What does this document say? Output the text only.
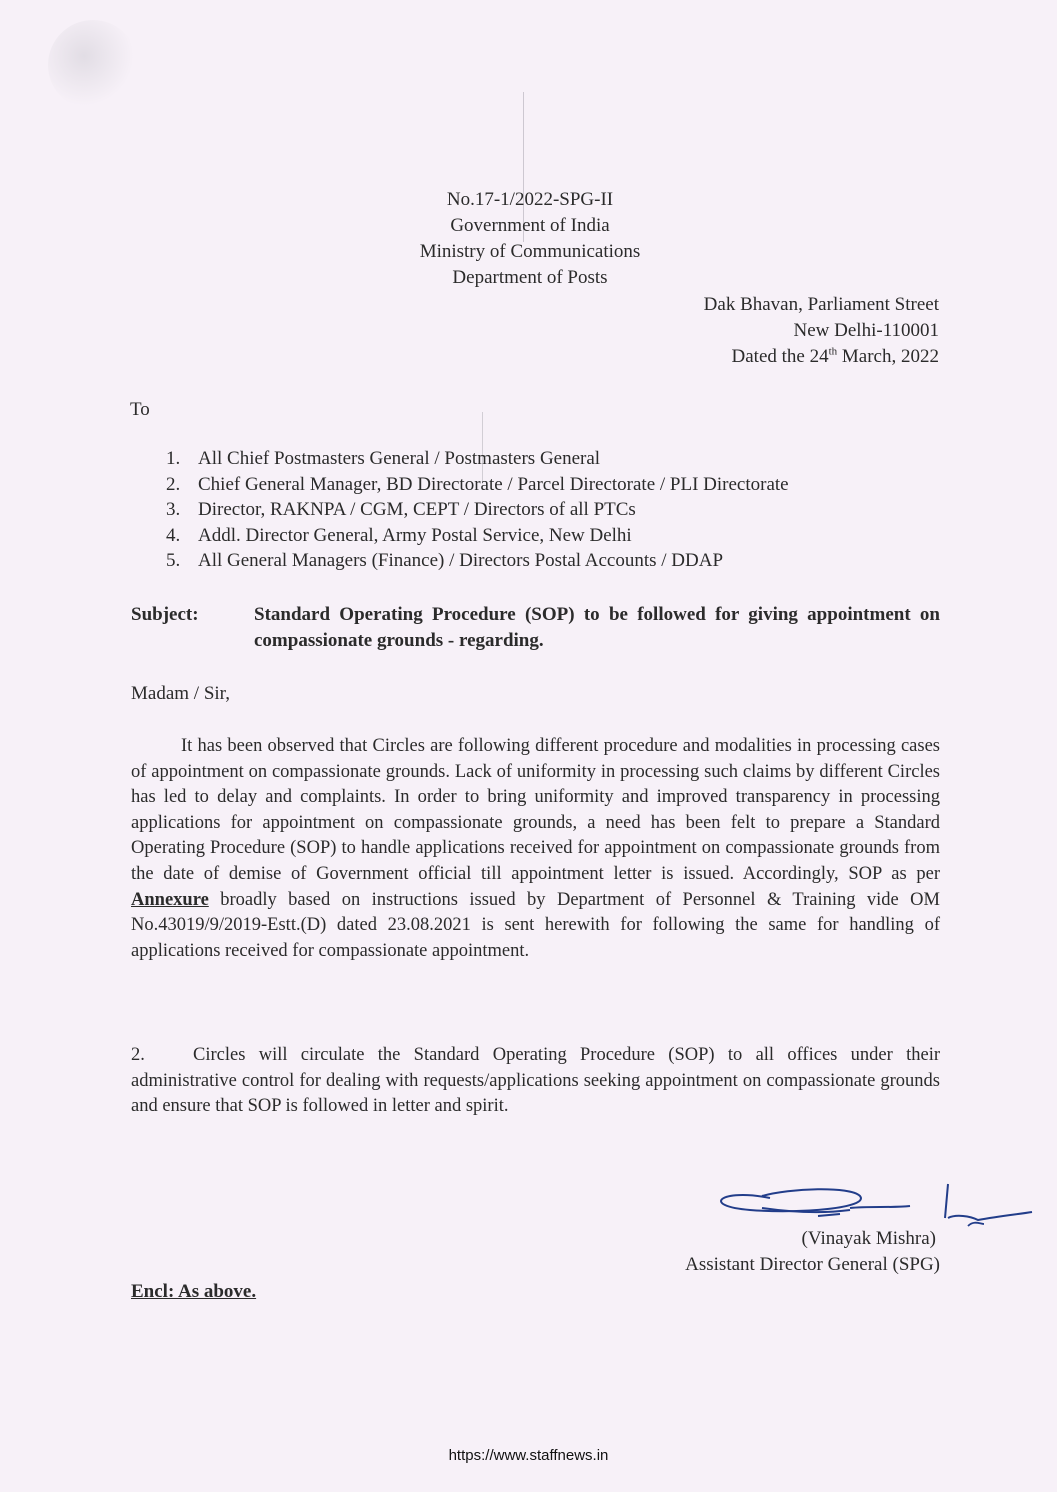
No.17-1/2022-SPG-II
Government of India
Ministry of Communications
Department of Posts
Dak Bhavan, Parliament Street
New Delhi-110001
Dated the 24th March, 2022
To
1. All Chief Postmasters General / Postmasters General
2. Chief General Manager, BD Directorate / Parcel Directorate / PLI Directorate
3. Director, RAKNPA / CGM, CEPT / Directors of all PTCs
4. Addl. Director General, Army Postal Service, New Delhi
5. All General Managers (Finance) / Directors Postal Accounts / DDAP
Subject:	Standard Operating Procedure (SOP) to be followed for giving appointment on compassionate grounds - regarding.
Madam / Sir,
It has been observed that Circles are following different procedure and modalities in processing cases of appointment on compassionate grounds. Lack of uniformity in processing such claims by different Circles has led to delay and complaints. In order to bring uniformity and improved transparency in processing applications for appointment on compassionate grounds, a need has been felt to prepare a Standard Operating Procedure (SOP) to handle applications received for appointment on compassionate grounds from the date of demise of Government official till appointment letter is issued. Accordingly, SOP as per Annexure broadly based on instructions issued by Department of Personnel & Training vide OM No.43019/9/2019-Estt.(D) dated 23.08.2021 is sent herewith for following the same for handling of applications received for compassionate appointment.
2.	Circles will circulate the Standard Operating Procedure (SOP) to all offices under their administrative control for dealing with requests/applications seeking appointment on compassionate grounds and ensure that SOP is followed in letter and spirit.
(Vinayak Mishra)
Assistant Director General (SPG)
Encl: As above.
https://www.staffnews.in
